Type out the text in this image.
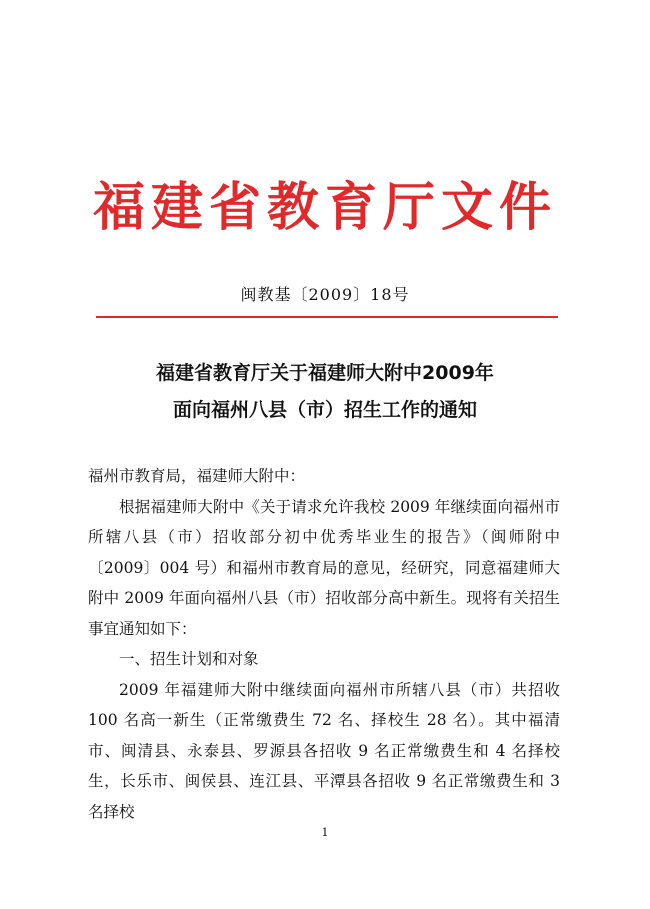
福建省教育厅文件
闽教基〔2009〕18号
福建省教育厅关于福建师大附中2009年
面向福州八县（市）招生工作的通知

福州市教育局，福建师大附中：

根据福建师大附中《关于请求允许我校 2009 年继续面向福州市所辖八县（市）招收部分初中优秀毕业生的报告》（闽师附中〔2009〕004 号）和福州市教育局的意见，经研究，同意福建师大附中 2009 年面向福州八县（市）招收部分高中新生。现将有关招生事宜通知如下：

一、招生计划和对象

2009 年福建师大附中继续面向福州市所辖八县（市）共招收 100 名高一新生（正常缴费生 72 名、择校生 28 名）。其中福清市、闽清县、永泰县、罗源县各招收 9 名正常缴费生和 4 名择校生，长乐市、闽侯县、连江县、平潭县各招收 9 名正常缴费生和 3 名择校

1
